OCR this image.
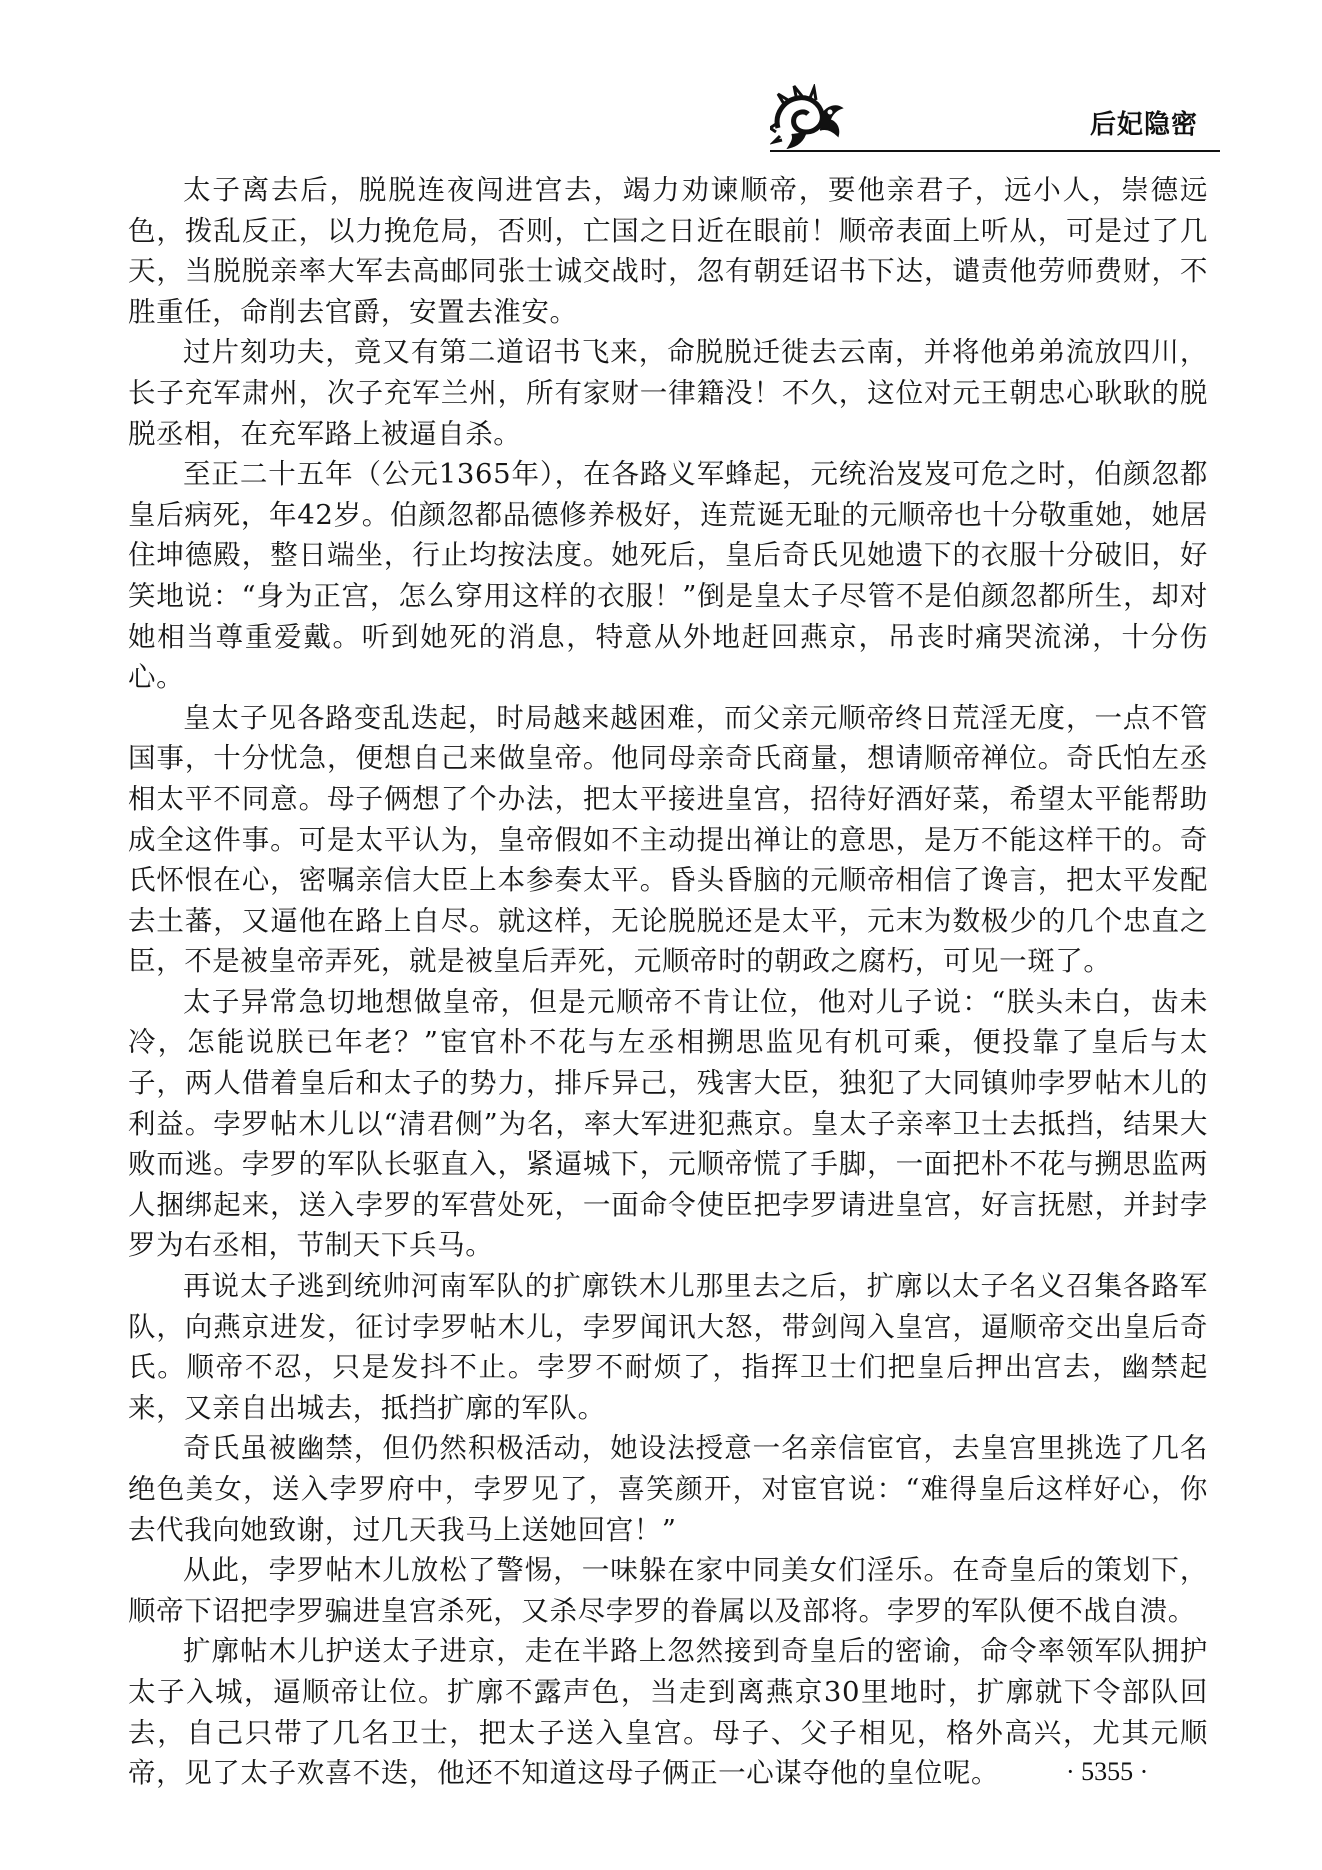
后妃隐密

太子离去后，脱脱连夜闯进宫去，竭力劝谏顺帝，要他亲君子，远小人，崇德远色，拨乱反正，以力挽危局，否则，亡国之日近在眼前！顺帝表面上听从，可是过了几天，当脱脱亲率大军去高邮同张士诚交战时，忽有朝廷诏书下达，谴责他劳师费财，不胜重任，命削去官爵，安置去淮安。

过片刻功夫，竟又有第二道诏书飞来，命脱脱迁徙去云南，并将他弟弟流放四川，长子充军肃州，次子充军兰州，所有家财一律籍没！不久，这位对元王朝忠心耿耿的脱脱丞相，在充军路上被逼自杀。

至正二十五年（公元1365年），在各路义军蜂起，元统治岌岌可危之时，伯颜忽都皇后病死，年42岁。伯颜忽都品德修养极好，连荒诞无耻的元顺帝也十分敬重她，她居住坤德殿，整日端坐，行止均按法度。她死后，皇后奇氏见她遗下的衣服十分破旧，好笑地说：“身为正宫，怎么穿用这样的衣服！”倒是皇太子尽管不是伯颜忽都所生，却对她相当尊重爱戴。听到她死的消息，特意从外地赶回燕京，吊丧时痛哭流涕，十分伤心。

皇太子见各路变乱迭起，时局越来越困难，而父亲元顺帝终日荒淫无度，一点不管国事，十分忧急，便想自己来做皇帝。他同母亲奇氏商量，想请顺帝禅位。奇氏怕左丞相太平不同意。母子俩想了个办法，把太平接进皇宫，招待好酒好菜，希望太平能帮助成全这件事。可是太平认为，皇帝假如不主动提出禅让的意思，是万不能这样干的。奇氏怀恨在心，密嘱亲信大臣上本参奏太平。昏头昏脑的元顺帝相信了谗言，把太平发配去土蕃，又逼他在路上自尽。就这样，无论脱脱还是太平，元末为数极少的几个忠直之臣，不是被皇帝弄死，就是被皇后弄死，元顺帝时的朝政之腐朽，可见一斑了。

太子异常急切地想做皇帝，但是元顺帝不肯让位，他对儿子说：“朕头未白，齿未冷，怎能说朕已年老？”宦官朴不花与左丞相搠思监见有机可乘，便投靠了皇后与太子，两人借着皇后和太子的势力，排斥异己，残害大臣，独犯了大同镇帅孛罗帖木儿的利益。孛罗帖木儿以“清君侧”为名，率大军进犯燕京。皇太子亲率卫士去抵挡，结果大败而逃。孛罗的军队长驱直入，紧逼城下，元顺帝慌了手脚，一面把朴不花与搠思监两人捆绑起来，送入孛罗的军营处死，一面命令使臣把孛罗请进皇宫，好言抚慰，并封孛罗为右丞相，节制天下兵马。

再说太子逃到统帅河南军队的扩廓铁木儿那里去之后，扩廓以太子名义召集各路军队，向燕京进发，征讨孛罗帖木儿，孛罗闻讯大怒，带剑闯入皇宫，逼顺帝交出皇后奇氏。顺帝不忍，只是发抖不止。孛罗不耐烦了，指挥卫士们把皇后押出宫去，幽禁起来，又亲自出城去，抵挡扩廓的军队。

奇氏虽被幽禁，但仍然积极活动，她设法授意一名亲信宦官，去皇宫里挑选了几名绝色美女，送入孛罗府中，孛罗见了，喜笑颜开，对宦官说：“难得皇后这样好心，你去代我向她致谢，过几天我马上送她回宫！”

从此，孛罗帖木儿放松了警惕，一味躲在家中同美女们淫乐。在奇皇后的策划下，顺帝下诏把孛罗骗进皇宫杀死，又杀尽孛罗的眷属以及部将。孛罗的军队便不战自溃。

扩廓帖木儿护送太子进京，走在半路上忽然接到奇皇后的密谕，命令率领军队拥护太子入城，逼顺帝让位。扩廓不露声色，当走到离燕京30里地时，扩廓就下令部队回去，自己只带了几名卫士，把太子送入皇宫。母子、父子相见，格外高兴，尤其元顺帝，见了太子欢喜不迭，他还不知道这母子俩正一心谋夺他的皇位呢。	· 5355 ·
